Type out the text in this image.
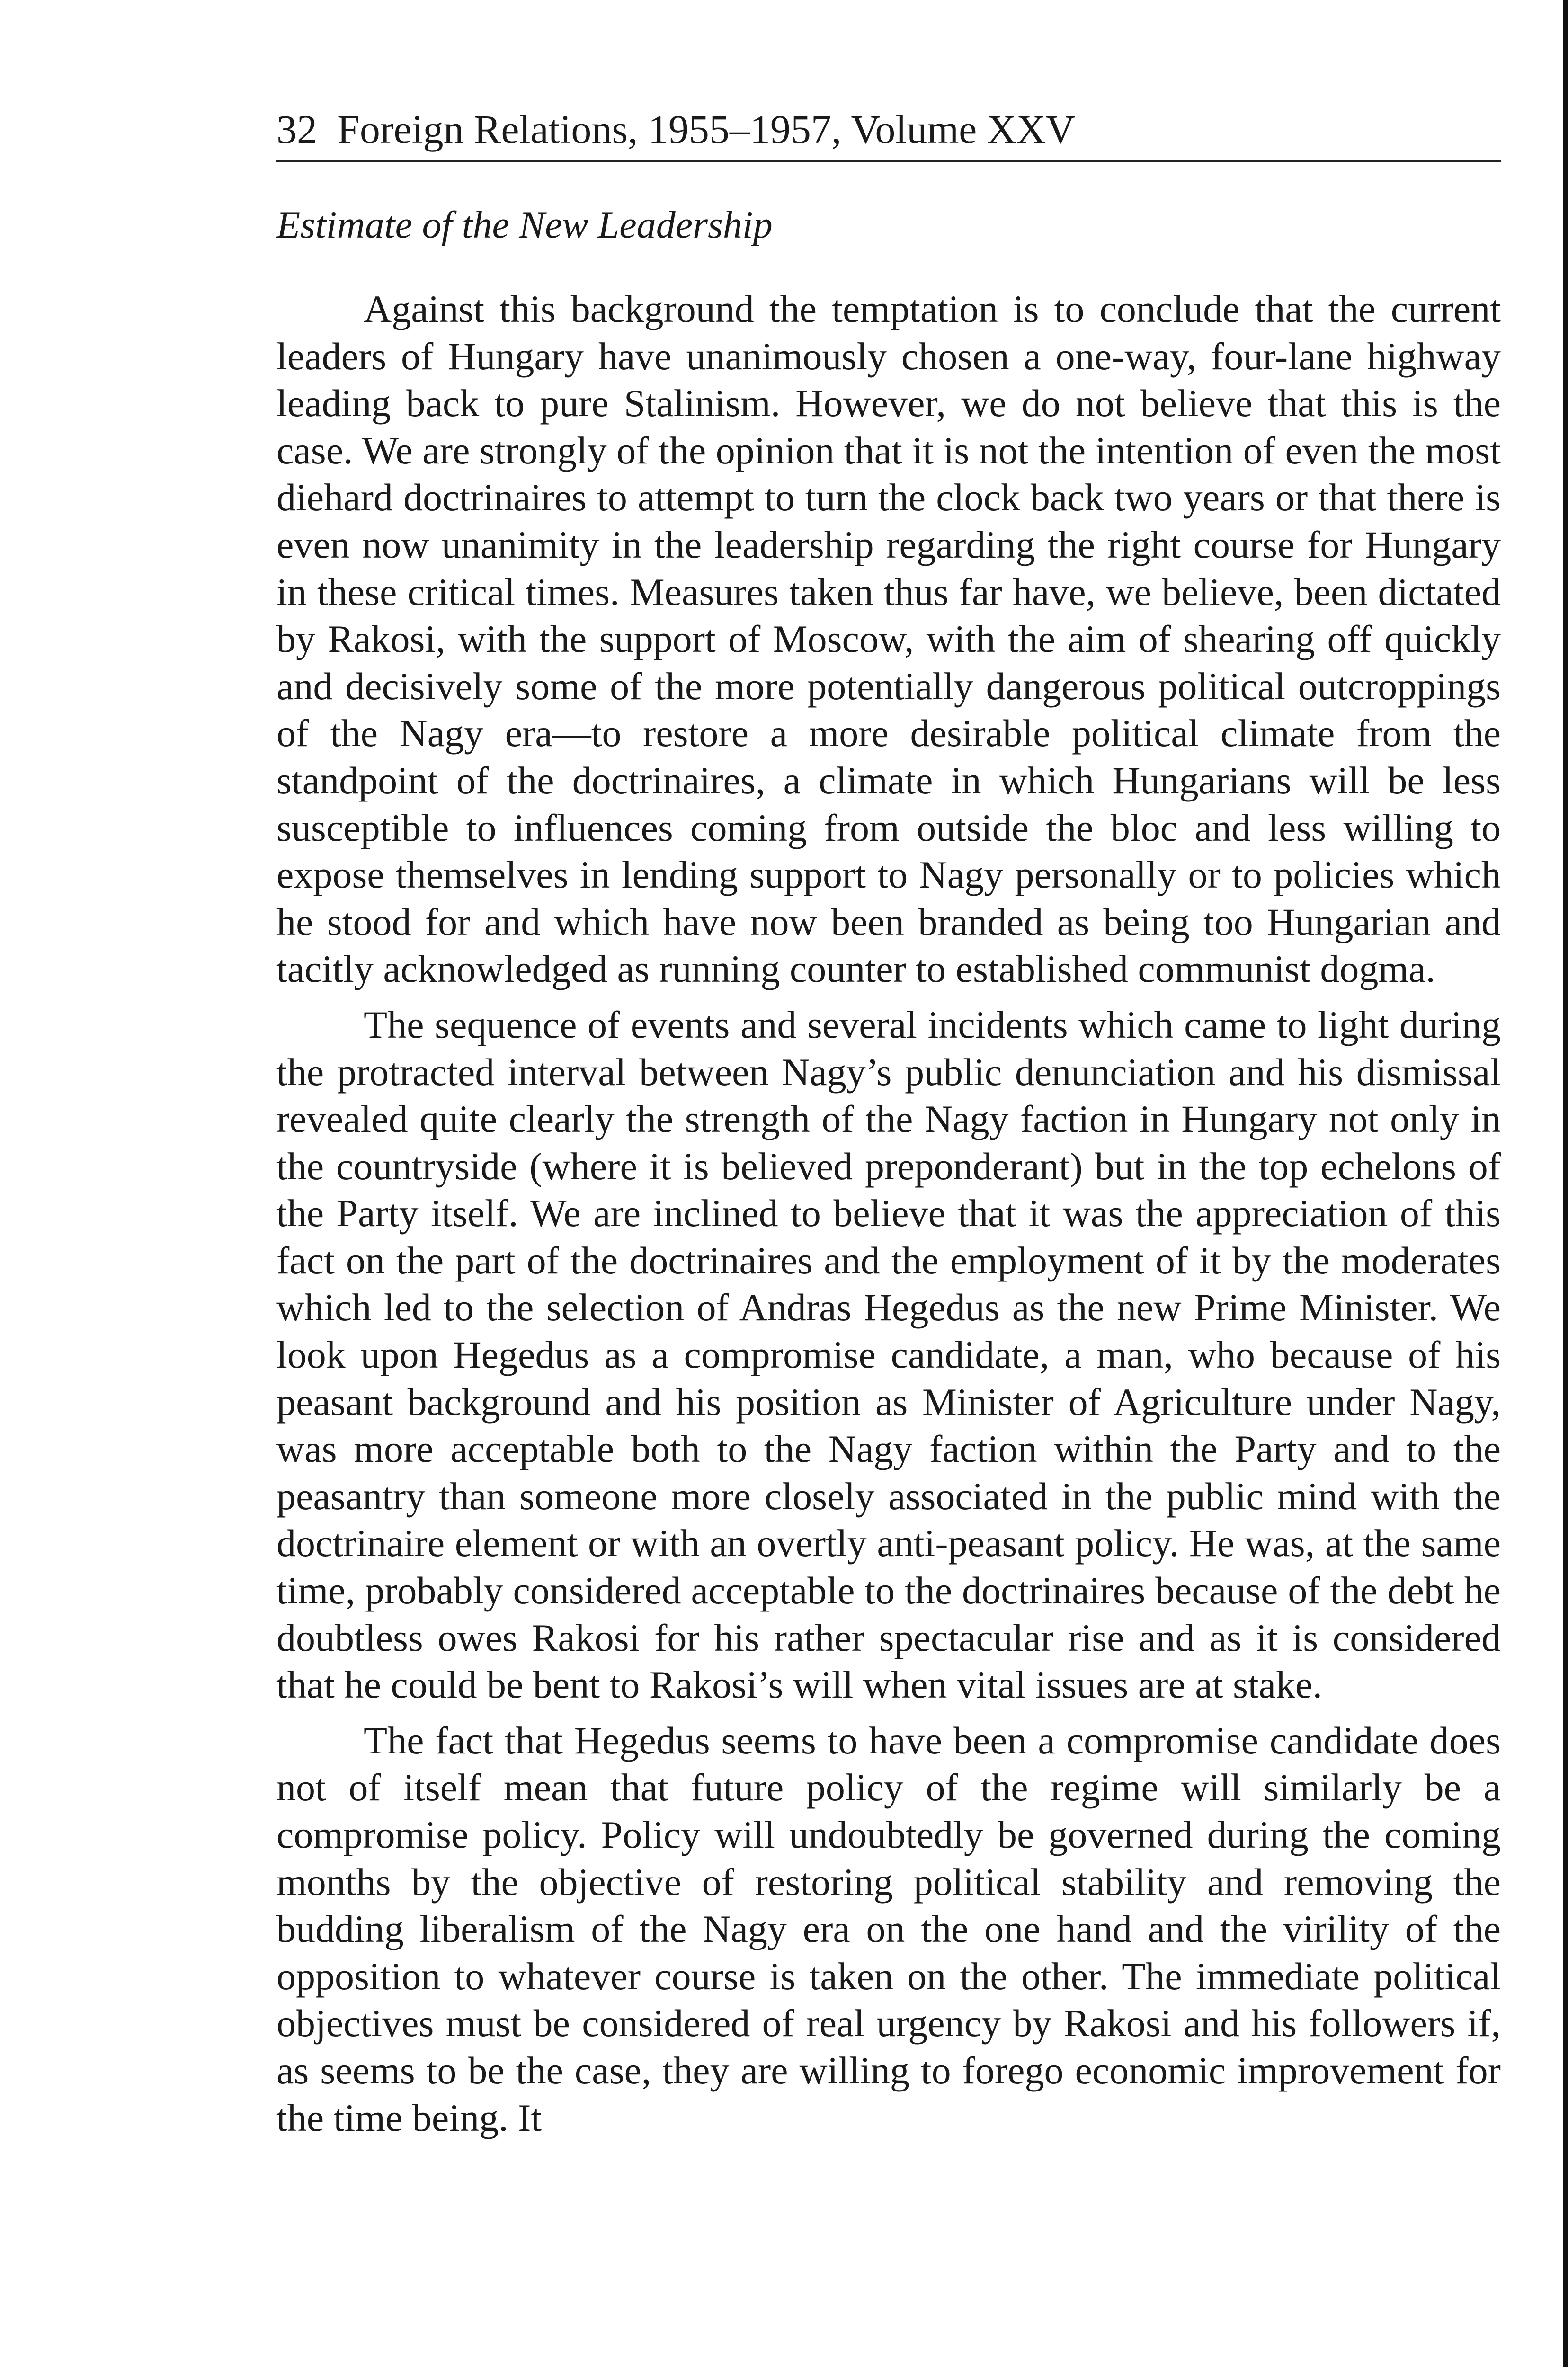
32 Foreign Relations, 1955–1957, Volume XXV
Estimate of the New Leadership

Against this background the temptation is to conclude that the current leaders of Hungary have unanimously chosen a one-way, four-lane highway leading back to pure Stalinism. However, we do not believe that this is the case. We are strongly of the opinion that it is not the intention of even the most diehard doctrinaires to attempt to turn the clock back two years or that there is even now unanimity in the leadership regarding the right course for Hungary in these critical times. Measures taken thus far have, we believe, been dictated by Rakosi, with the support of Moscow, with the aim of shearing off quickly and decisively some of the more potentially dangerous political outcroppings of the Nagy era—to restore a more desirable political climate from the standpoint of the doctrinaires, a climate in which Hungarians will be less susceptible to influences coming from outside the bloc and less willing to expose themselves in lending support to Nagy personally or to policies which he stood for and which have now been branded as being too Hungarian and tacitly acknowledged as running counter to established communist dogma.

The sequence of events and several incidents which came to light during the protracted interval between Nagy’s public denunciation and his dismissal revealed quite clearly the strength of the Nagy faction in Hungary not only in the countryside (where it is believed preponderant) but in the top echelons of the Party itself. We are inclined to believe that it was the appreciation of this fact on the part of the doctrinaires and the employment of it by the moderates which led to the selection of Andras Hegedus as the new Prime Minister. We look upon Hegedus as a compromise candidate, a man, who because of his peasant background and his position as Minister of Agriculture under Nagy, was more acceptable both to the Nagy faction within the Party and to the peasantry than someone more closely associated in the public mind with the doctrinaire element or with an overtly anti-peasant policy. He was, at the same time, probably considered acceptable to the doctrinaires because of the debt he doubtless owes Rakosi for his rather spectacular rise and as it is considered that he could be bent to Rakosi’s will when vital issues are at stake.

The fact that Hegedus seems to have been a compromise candidate does not of itself mean that future policy of the regime will similarly be a compromise policy. Policy will undoubtedly be governed during the coming months by the objective of restoring political stability and removing the budding liberalism of the Nagy era on the one hand and the virility of the opposition to whatever course is taken on the other. The immediate political objectives must be considered of real urgency by Rakosi and his followers if, as seems to be the case, they are willing to forego economic improvement for the time being. It
